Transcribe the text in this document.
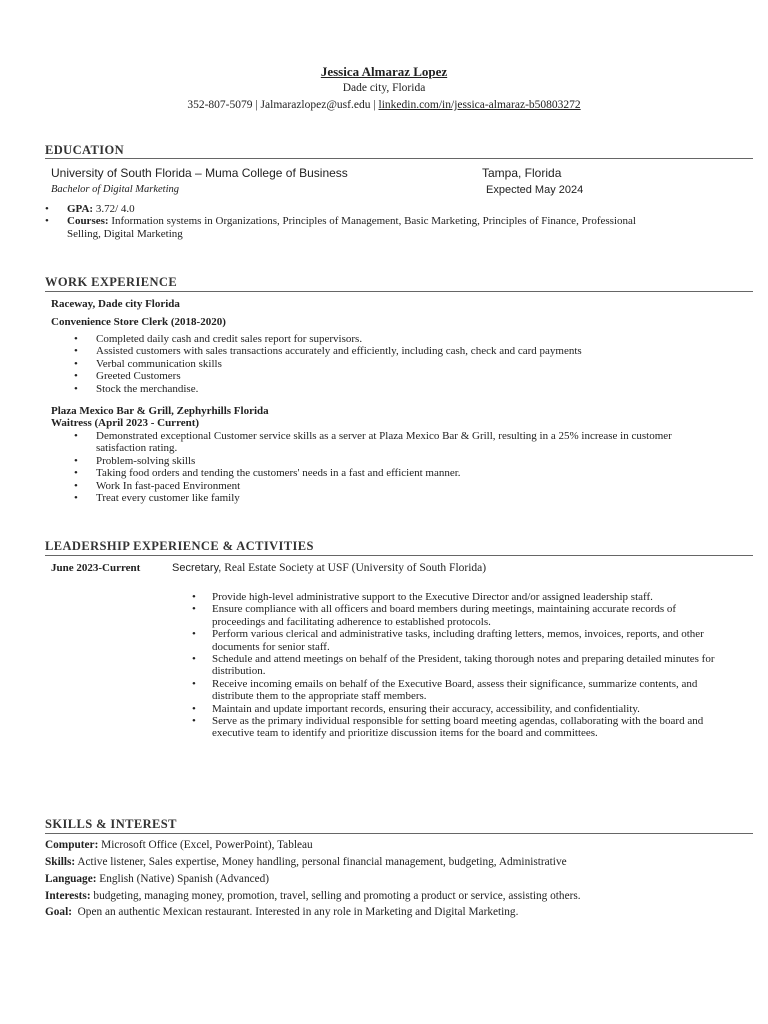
Jessica Almaraz Lopez
Dade city, Florida
352-807-5079 | Jalmarazlopez@usf.edu | linkedin.com/in/jessica-almaraz-b50803272
EDUCATION
University of South Florida – Muma College of Business	Tampa, Florida
Bachelor of Digital Marketing	Expected May 2024
• GPA: 3.72/ 4.0
• Courses: Information systems in Organizations, Principles of Management, Basic Marketing, Principles of Finance, Professional Selling, Digital Marketing
WORK EXPERIENCE
Raceway, Dade city Florida
Convenience Store Clerk (2018-2020)
• Completed daily cash and credit sales report for supervisors.
• Assisted customers with sales transactions accurately and efficiently, including cash, check and card payments
• Verbal communication skills
• Greeted Customers
• Stock the merchandise.
Plaza Mexico Bar & Grill, Zephyrhills Florida
Waitress (April 2023 - Current)
• Demonstrated exceptional Customer service skills as a server at Plaza Mexico Bar & Grill, resulting in a 25% increase in customer satisfaction rating.
• Problem-solving skills
• Taking food orders and tending the customers' needs in a fast and efficient manner.
• Work In fast-paced Environment
• Treat every customer like family
LEADERSHIP EXPERIENCE & ACTIVITIES
June 2023-Current	Secretary, Real Estate Society at USF (University of South Florida)
• Provide high-level administrative support to the Executive Director and/or assigned leadership staff.
• Ensure compliance with all officers and board members during meetings, maintaining accurate records of proceedings and facilitating adherence to established protocols.
• Perform various clerical and administrative tasks, including drafting letters, memos, invoices, reports, and other documents for senior staff.
• Schedule and attend meetings on behalf of the President, taking thorough notes and preparing detailed minutes for distribution.
• Receive incoming emails on behalf of the Executive Board, assess their significance, summarize contents, and distribute them to the appropriate staff members.
• Maintain and update important records, ensuring their accuracy, accessibility, and confidentiality.
• Serve as the primary individual responsible for setting board meeting agendas, collaborating with the board and executive team to identify and prioritize discussion items for the board and committees.
SKILLS & INTEREST
Computer: Microsoft Office (Excel, PowerPoint), Tableau
Skills: Active listener, Sales expertise, Money handling, personal financial management, budgeting, Administrative
Language: English (Native) Spanish (Advanced)
Interests: budgeting, managing money, promotion, travel, selling and promoting a product or service, assisting others.
Goal:  Open an authentic Mexican restaurant. Interested in any role in Marketing and Digital Marketing.
